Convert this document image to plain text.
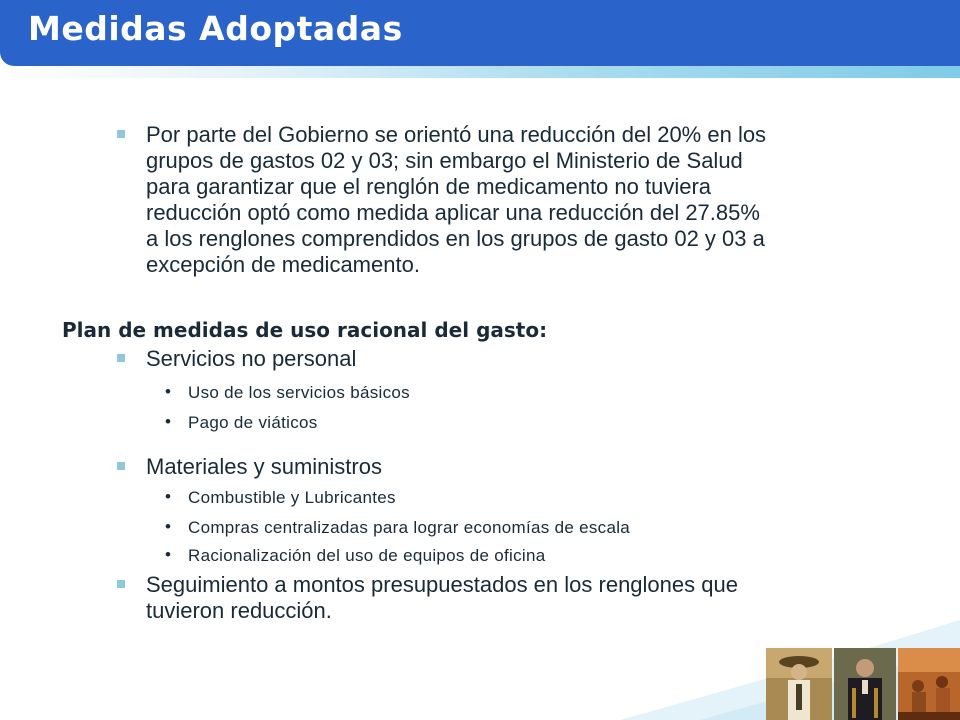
Medidas Adoptadas

Por parte del Gobierno se orientó una reducción del 20% en los

grupos de gastos 02 y 03; sin embargo el Ministerio de Salud

para garantizar que el renglón de medicamento no tuviera

reducción optó como medida aplicar una reducción del 27.85%

a los renglones comprendidos en los grupos de gasto 02 y 03 a

excepción de medicamento.

Plan de medidas de uso racional del gasto:

Servicios no personal

• Uso de los servicios básicos

• Pago de viáticos

Materiales y suministros

• Combustible y Lubricantes

• Compras centralizadas para lograr economías de escala

• Racionalización del uso de equipos de oficina

Seguimiento a montos presupuestados en los renglones que

tuvieron reducción.
